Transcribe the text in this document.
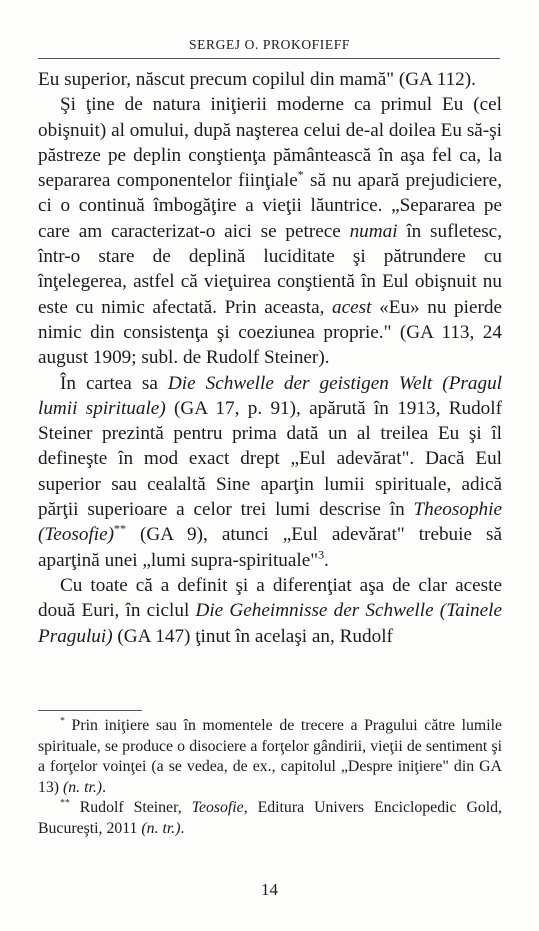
SERGEJ O. PROKOFIEFF

Eu superior, născut precum copilul din mamă" (GA 112).

Şi ţine de natura iniţierii moderne ca primul Eu (cel obişnuit) al omului, după naşterea celui de-al doilea Eu să-şi păstreze pe deplin conştienţa pământească în aşa fel ca, la separarea componentelor fiinţiale* să nu apară prejudiciere, ci o continuă îmbogăţire a vieţii lăuntrice. „Separarea pe care am caracterizat-o aici se petrece numai în sufletesc, într-o stare de deplină luciditate şi pătrundere cu înţelegerea, astfel că vieţuirea conştientă în Eul obişnuit nu este cu nimic afectată. Prin aceasta, acest «Eu» nu pierde nimic din consistenţa şi coeziunea proprie." (GA 113, 24 august 1909; subl. de Rudolf Steiner).

În cartea sa Die Schwelle der geistigen Welt (Pragul lumii spirituale) (GA 17, p. 91), apărută în 1913, Rudolf Steiner prezintă pentru prima dată un al treilea Eu şi îl defineşte în mod exact drept „Eul adevărat". Dacă Eul superior sau cealaltă Sine aparţin lumii spirituale, adică părţii superioare a celor trei lumi descrise în Theosophie (Teosofie)** (GA 9), atunci „Eul adevărat" trebuie să aparţină unei „lumi supra-spirituale"$^3$.

Cu toate că a definit şi a diferenţiat aşa de clar aceste două Euri, în ciclul Die Geheimnisse der Schwelle (Tainele Pragului) (GA 147) ţinut în acelaşi an, Rudolf

* Prin iniţiere sau în momentele de trecere a Pragului către lumile spirituale, se produce o disociere a forţelor gândirii, vieţii de sentiment şi a forţelor voinţei (a se vedea, de ex., capitolul „Despre iniţiere" din GA 13) (n. tr.).

** Rudolf Steiner, Teosofie, Editura Univers Enciclopedic Gold, Bucureşti, 2011 (n. tr.).

14
